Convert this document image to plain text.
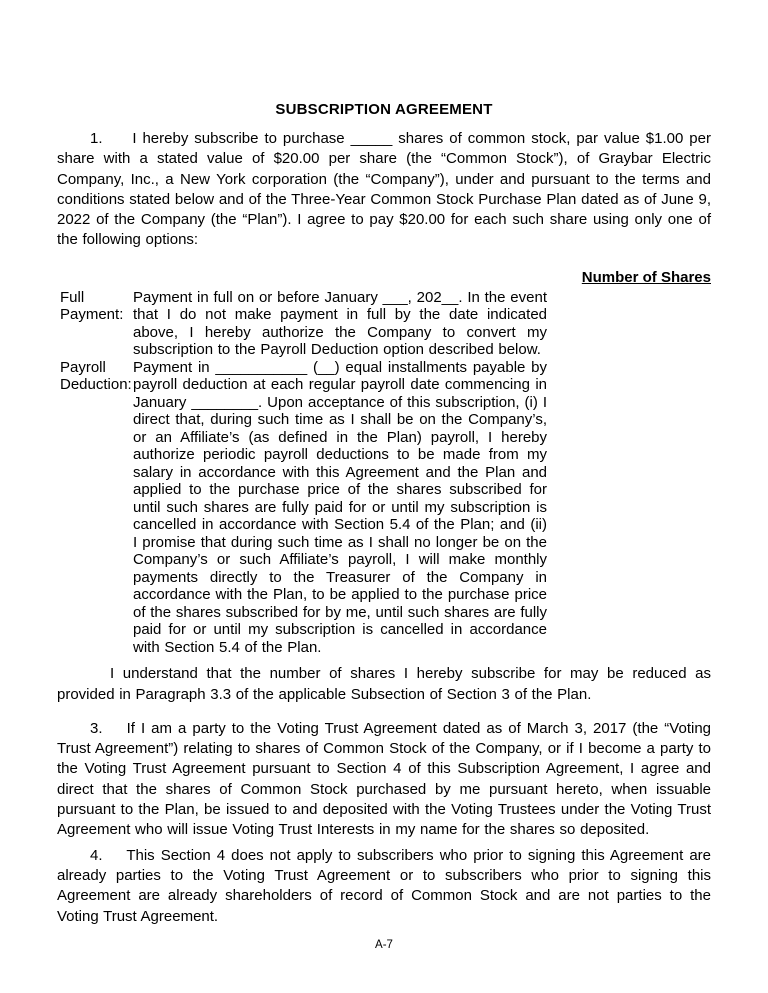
SUBSCRIPTION AGREEMENT

1.     I hereby subscribe to purchase _____ shares of common stock, par value $1.00 per share with a stated value of $20.00 per share (the “Common Stock”), of Graybar Electric Company, Inc., a New York corporation (the “Company”), under and pursuant to the terms and conditions stated below and of the Three-Year Common Stock Purchase Plan dated as of June 9, 2022 of the Company (the “Plan”). I agree to pay $20.00 for each such share using only one of the following options:

Number of Shares
Full Payment:
Payment in full on or before January ___, 202__. In the event that I do not make payment in full by the date indicated above, I hereby authorize the Company to convert my subscription to the Payroll Deduction option described below.
Payroll Deduction:
Payment in ___________ (__) equal installments payable by payroll deduction at each regular payroll date commencing in January ________. Upon acceptance of this subscription, (i) I direct that, during such time as I shall be on the Company’s, or an Affiliate’s (as defined in the Plan) payroll, I hereby authorize periodic payroll deductions to be made from my salary in accordance with this Agreement and the Plan and applied to the purchase price of the shares subscribed for until such shares are fully paid for or until my subscription is cancelled in accordance with Section 5.4 of the Plan; and (ii) I promise that during such time as I shall no longer be on the Company’s or such Affiliate’s payroll, I will make monthly payments directly to the Treasurer of the Company in accordance with the Plan, to be applied to the purchase price of the shares subscribed for by me, until such shares are fully paid for or until my subscription is cancelled in accordance with Section 5.4 of the Plan.

I understand that the number of shares I hereby subscribe for may be reduced as provided in Paragraph 3.3 of the applicable Subsection of Section 3 of the Plan.

3.    If I am a party to the Voting Trust Agreement dated as of March 3, 2017 (the “Voting Trust Agreement”) relating to shares of Common Stock of the Company, or if I become a party to the Voting Trust Agreement pursuant to Section 4 of this Subscription Agreement, I agree and direct that the shares of Common Stock purchased by me pursuant hereto, when issuable pursuant to the Plan, be issued to and deposited with the Voting Trustees under the Voting Trust Agreement who will issue Voting Trust Interests in my name for the shares so deposited.

4.    This Section 4 does not apply to subscribers who prior to signing this Agreement are already parties to the Voting Trust Agreement or to subscribers who prior to signing this Agreement are already shareholders of record of Common Stock and are not parties to the Voting Trust Agreement.

A-7
